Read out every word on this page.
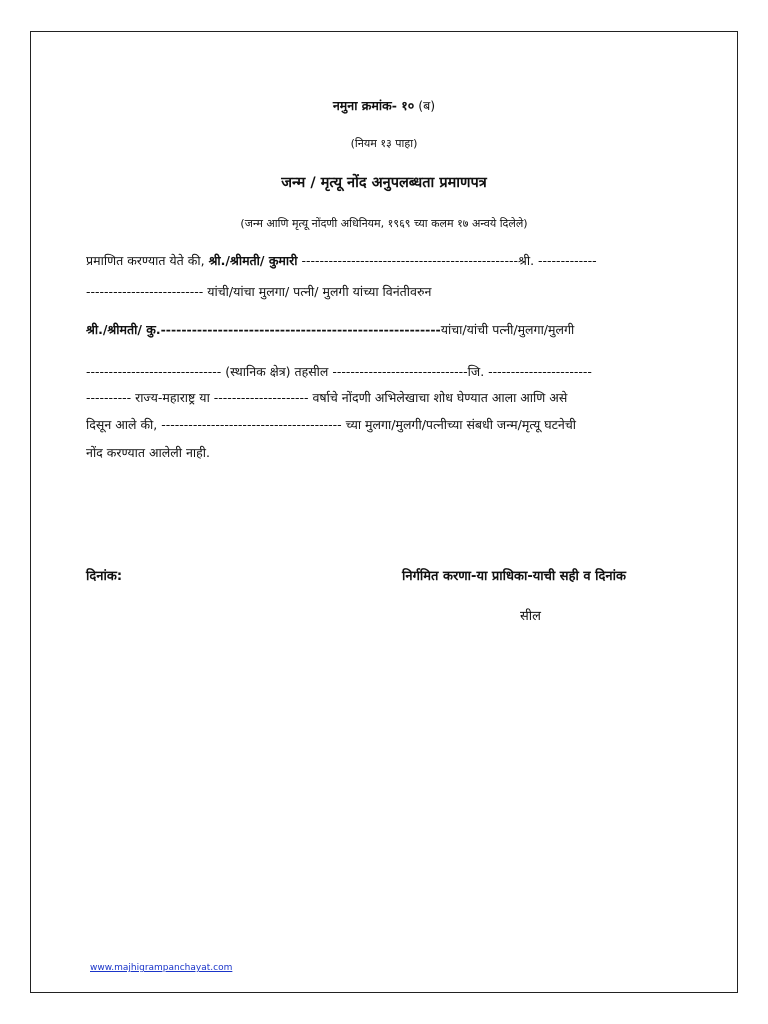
नमुना क्रमांक- १० (ब)
(नियम १३ पाहा)
जन्म / मृत्यू नोंद अनुपलब्धता प्रमाणपत्र
(जन्म आणि मृत्यू नोंदणी अधिनियम, १९६९ च्या कलम १७ अन्वये दिलेले)
प्रमाणित करण्यात येते की, श्री./श्रीमती/ कुमारी ------------------------------------------------श्री. -------------
-------------------------- यांची/यांचा मुलगा/ पत्नी/ मुलगी यांच्या विनंतीवरुन
श्री./श्रीमती/ कु.------------------------------------------------------यांचा/यांची पत्नी/मुलगा/मुलगी
------------------------------ (स्थानिक क्षेत्र) तहसील ------------------------------जि. -----------------------
---------- राज्य-महाराष्ट्र या --------------------- वर्षाचे नोंदणी अभिलेखाचा शोध घेण्यात आला आणि असे
दिसून आले की, ---------------------------------------- च्या मुलगा/मुलगी/पत्नीच्या संबधी जन्म/मृत्यू घटनेची
नोंद करण्यात आलेली नाही.
दिनांक:	निर्गमित करणा-या प्राधिका-याची सही व दिनांक
सील
www.majhigrampanchayat.com
